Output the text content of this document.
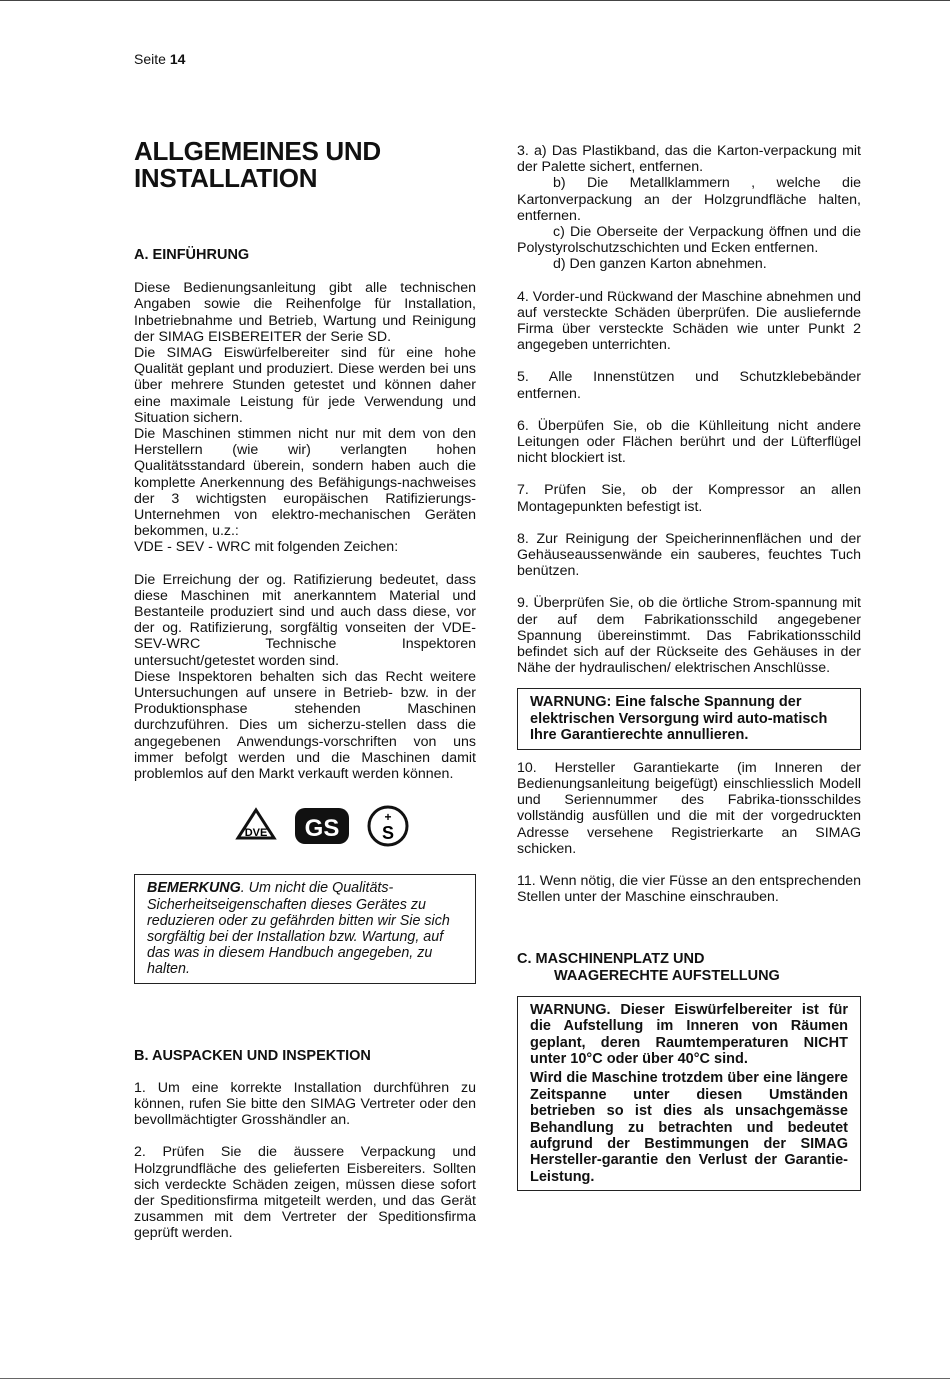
Seite 14
ALLGEMEINES UND
INSTALLATION
A. EINFÜHRUNG

Diese Bedienungsanleitung gibt alle technischen Angaben sowie die Reihenfolge für Installation, Inbetriebnahme und Betrieb, Wartung und Reinigung der SIMAG EISBEREITER der Serie SD.

Die SIMAG Eiswürfelbereiter sind für eine hohe Qualität geplant und produziert. Diese werden bei uns über mehrere Stunden getestet und können daher eine maximale Leistung für jede Verwendung und Situation sichern.

Die Maschinen stimmen nicht nur mit dem von den Herstellern (wie wir) verlangten hohen Qualitätsstandard überein, sondern haben auch die komplette Anerkennung des Befähigungs-nachweises der 3 wichtigsten europäischen Ratifizierungs-Unternehmen von elektro-mechanischen Geräten bekommen, u.z.:

VDE - SEV - WRC mit folgenden Zeichen:

Die Erreichung der og. Ratifizierung bedeutet, dass diese Maschinen mit anerkanntem Material und Bestanteile produziert sind und auch dass diese, vor der og. Ratifizierung, sorgfältig vonseiten der VDE-SEV-WRC Technische Inspektoren untersucht/getestet worden sind.

Diese Inspektoren behalten sich das Recht weitere Untersuchungen auf unsere in Betrieb- bzw. in der Produktionsphase stehenden Maschinen durchzuführen. Dies um sicherzu-stellen dass die angegebenen Anwendungs-vorschriften von uns immer befolgt werden und die Maschinen damit problemlos auf den Markt verkauft werden können.

DVE GS	+
S
BEMERKUNG. Um nicht die Qualitäts- Sicherheitseigenschaften dieses Gerätes zu reduzieren oder zu gefährden bitten wir Sie sich sorgfältig bei der Installation bzw. Wartung, auf das was in diesem Handbuch angegeben, zu halten.
B. AUSPACKEN UND INSPEKTION

1. Um eine korrekte Installation durchführen zu können, rufen Sie bitte den SIMAG Vertreter oder den bevollmächtigter Grosshändler an.

2. Prüfen Sie die äussere Verpackung und Holzgrundfläche des gelieferten Eisbereiters. Sollten sich verdeckte Schäden zeigen, müssen diese sofort der Speditionsfirma mitgeteilt werden, und das Gerät zusammen mit dem Vertreter der Speditionsfirma geprüft werden.

3. a) Das Plastikband, das die Karton-verpackung mit der Palette sichert, entfernen.

b) Die Metallklammern , welche die Kartonverpackung an der Holzgrundfläche halten, entfernen.

c) Die Oberseite der Verpackung öffnen und die Polystyrolschutzschichten und Ecken entfernen.

d) Den ganzen Karton abnehmen.

4. Vorder-und Rückwand der Maschine abnehmen und auf versteckte Schäden überprüfen. Die ausliefernde Firma über versteckte Schäden wie unter Punkt 2 angegeben unterrichten.

5. Alle Innenstützen und Schutzklebebänder entfernen.

6. Überpüfen Sie, ob die Kühlleitung nicht andere Leitungen oder Flächen berührt und der Lüfterflügel nicht blockiert ist.

7. Prüfen Sie, ob der Kompressor an allen Montagepunkten befestigt ist.

8. Zur Reinigung der Speicherinnenflächen und der Gehäuseaussenwände ein sauberes, feuchtes Tuch benützen.

9. Überprüfen Sie, ob die örtliche Strom-spannung mit der auf dem Fabrikationsschild angegebener Spannung übereinstimmt. Das Fabrikationsschild befindet sich auf der Rückseite des Gehäuses in der Nähe der hydraulischen/ elektrischen Anschlüsse.

WARNUNG: Eine falsche Spannung der elektrischen Versorgung wird auto-matisch Ihre Garantierechte annullieren.

10. Hersteller Garantiekarte (im Inneren der Bedienungsanleitung beigefügt) einschliesslich Modell und Seriennummer des Fabrika-tionsschildes vollständig ausfüllen und die mit der vorgedruckten Adresse versehene Registrierkarte an SIMAG schicken.

11. Wenn nötig, die vier Füsse an den entsprechenden Stellen unter der Maschine einschrauben.

C. MASCHINENPLATZ UND
WAAGERECHTE AUFSTELLUNG

WARNUNG. Dieser Eiswürfelbereiter ist für die Aufstellung im Inneren von Räumen geplant, deren Raumtemperaturen NICHT unter 10°C oder über 40°C sind.

Wird die Maschine trotzdem über eine längere Zeitspanne unter diesen Umständen betrieben so ist dies als unsachgemässe Behandlung zu betrachten und bedeutet aufgrund der Bestimmungen der SIMAG Hersteller-garantie den Verlust der Garantie-Leistung.
